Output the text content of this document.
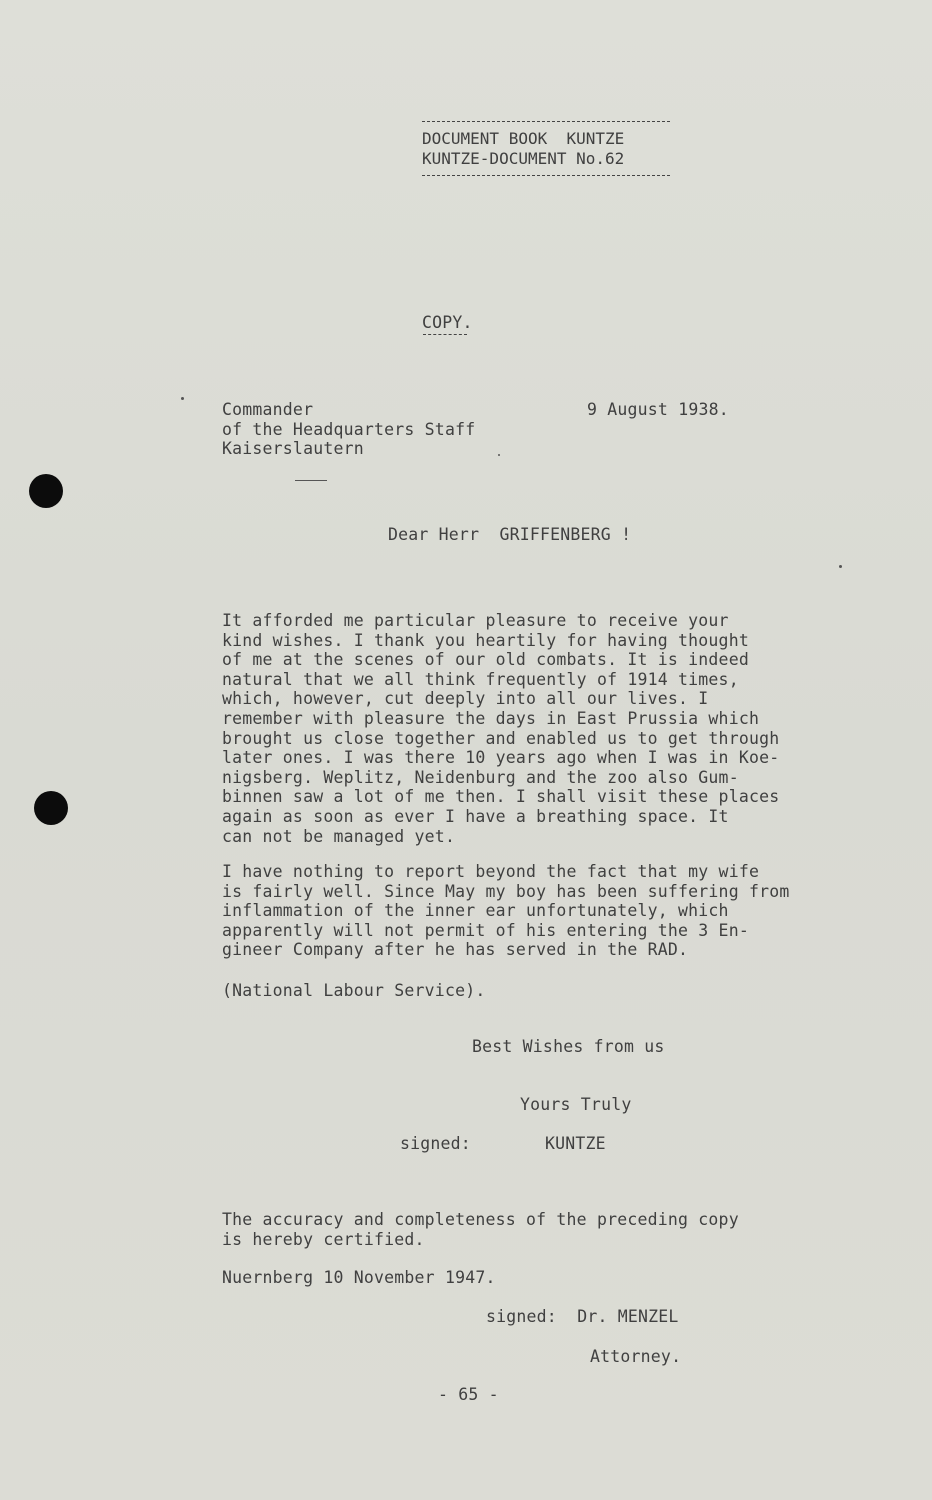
DOCUMENT BOOK  KUNTZE
KUNTZE-DOCUMENT No.62
COPY.
Commander
of the Headquarters Staff
Kaiserslautern
9 August 1938.
Dear Herr  GRIFFENBERG !
It afforded me particular pleasure to receive your
kind wishes. I thank you heartily for having thought
of me at the scenes of our old combats. It is indeed
natural that we all think frequently of 1914 times,
which, however, cut deeply into all our lives. I
remember with pleasure the days in East Prussia which
brought us close together and enabled us to get through
later ones. I was there 10 years ago when I was in Koe-
nigsberg. Weplitz, Neidenburg and the zoo also Gum-
binnen saw a lot of me then. I shall visit these places
again as soon as ever I have a breathing space. It
can not be managed yet.
I have nothing to report beyond the fact that my wife
is fairly well. Since May my boy has been suffering from
inflammation of the inner ear unfortunately, which
apparently will not permit of his entering the 3 En-
gineer Company after he has served in the RAD.
(National Labour Service).
Best Wishes from us
Yours Truly
signed:	KUNTZE
The accuracy and completeness of the preceding copy
is hereby certified.
Nuernberg 10 November 1947.
signed:  Dr. MENZEL
Attorney.
- 65 -
